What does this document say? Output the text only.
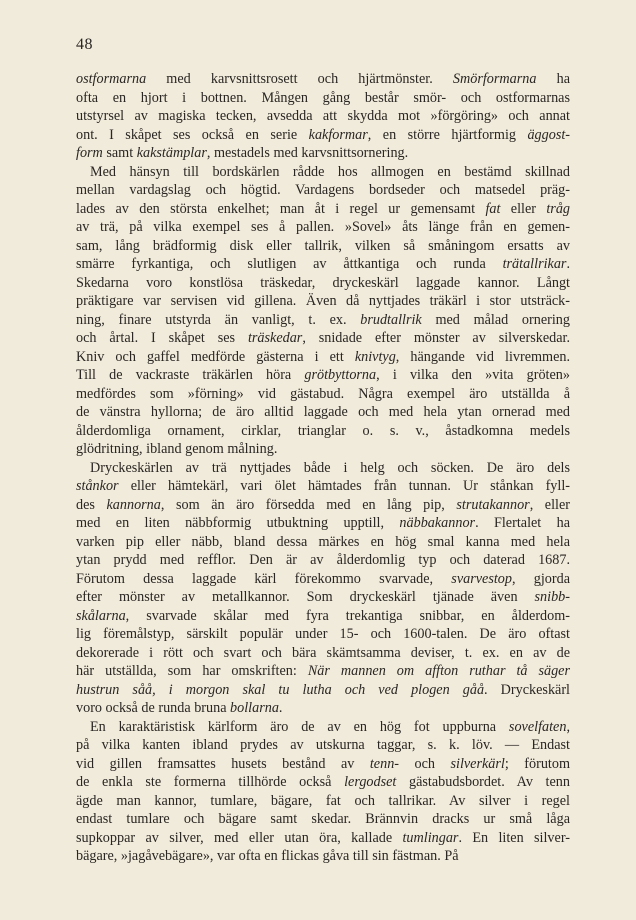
48
ostformarna med karvsnittsrosett och hjärtmönster. Smörformarna ha
ofta en hjort i bottnen. Mången gång består smör- och ostformarnas
utstyrsel av magiska tecken, avsedda att skydda mot »förgöring» och annat
ont. I skåpet ses också en serie kakformar, en större hjärtformig äggost-
form samt kakstämplar, mestadels med karvsnittsornering.
Med hänsyn till bordskärlen rådde hos allmogen en bestämd skillnad
mellan vardagslag och högtid. Vardagens bordseder och matsedel präg-
lades av den största enkelhet; man åt i regel ur gemensamt fat eller tråg
av trä, på vilka exempel ses å pallen. »Sovel» åts länge från en gemen-
sam, lång brädformig disk eller tallrik, vilken så småningom ersatts av
smärre fyrkantiga, och slutligen av åttkantiga och runda trätallrikar.
Skedarna voro konstlösa träskedar, dryckeskärl laggade kannor. Långt
präktigare var servisen vid gillena. Även då nyttjades träkärl i stor utsträck-
ning, finare utstyrda än vanligt, t. ex. brudtallrik med målad ornering
och årtal. I skåpet ses träskedar, snidade efter mönster av silverskedar.
Kniv och gaffel medförde gästerna i ett knivtyg, hängande vid livremmen.
Till de vackraste träkärlen höra grötbyttorna, i vilka den »vita gröten»
medfördes som »förning» vid gästabud. Några exempel äro utställda å
de vänstra hyllorna; de äro alltid laggade och med hela ytan ornerad med
ålderdomliga ornament, cirklar, trianglar o. s. v., åstadkomna medels
glödritning, ibland genom målning.
Dryckeskärlen av trä nyttjades både i helg och söcken. De äro dels
stånkor eller hämtekärl, vari ölet hämtades från tunnan. Ur stånkan fyll-
des kannorna, som än äro försedda med en lång pip, strutakannor, eller
med en liten näbbformig utbuktning upptill, näbbakannor. Flertalet ha
varken pip eller näbb, bland dessa märkes en hög smal kanna med hela
ytan prydd med refflor. Den är av ålderdomlig typ och daterad 1687.
Förutom dessa laggade kärl förekommo svarvade, svarvestop, gjorda
efter mönster av metallkannor. Som dryckeskärl tjänade även snibb-
skålarna, svarvade skålar med fyra trekantiga snibbar, en ålderdom-
lig föremålstyp, särskilt populär under 15- och 1600-talen. De äro oftast
dekorerade i rött och svart och bära skämtsamma deviser, t. ex. en av de
här utställda, som har omskriften: När mannen om affton ruthar tå säger
hustrun såå, i morgon skal tu lutha och ved plogen gåå. Dryckeskärl
voro också de runda bruna bollarna.
En karaktäristisk kärlform äro de av en hög fot uppburna sovelfaten,
på vilka kanten ibland prydes av utskurna taggar, s. k. löv. — Endast
vid gillen framsattes husets bestånd av tenn- och silverkärl; förutom
de enkla ste formerna tillhörde också lergodset gästabudsbordet. Av tenn
ägde man kannor, tumlare, bägare, fat och tallrikar. Av silver i regel
endast tumlare och bägare samt skedar. Brännvin dracks ur små låga
supkoppar av silver, med eller utan öra, kallade tumlingar. En liten silver-
bägare, »jagåvebägare», var ofta en flickas gåva till sin fästman. På
